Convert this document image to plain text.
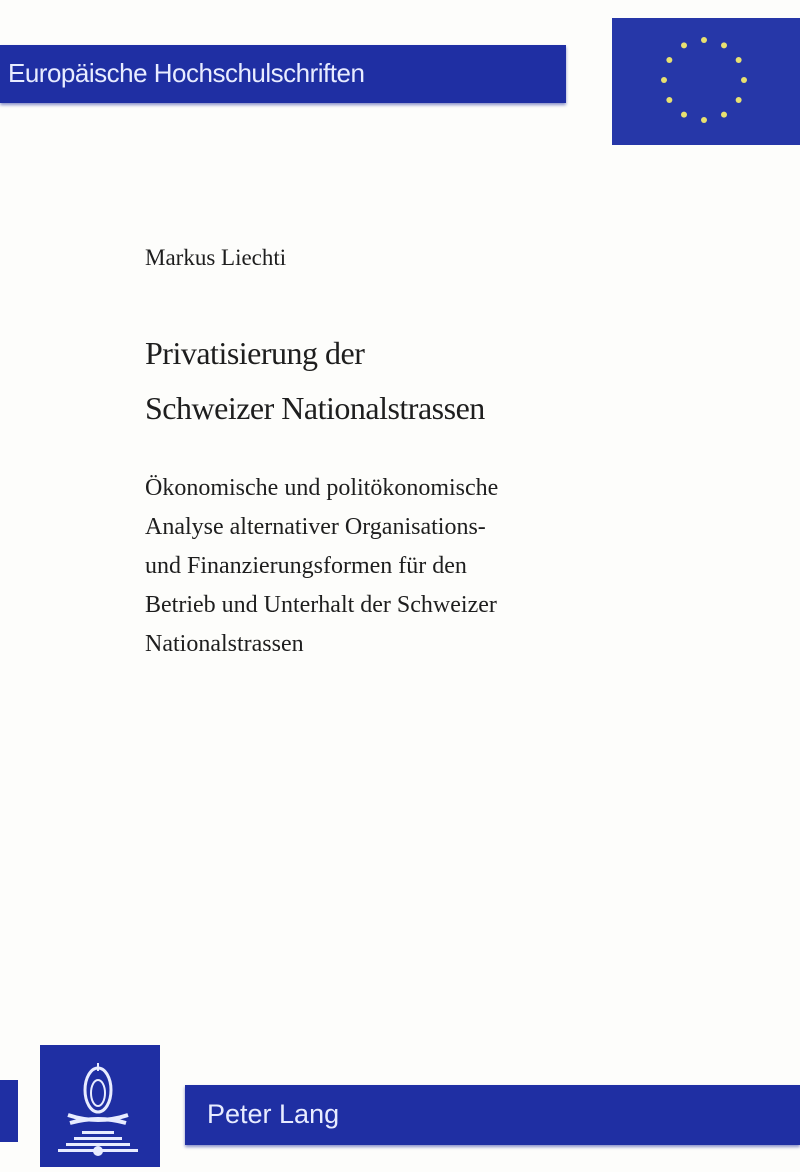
Europäische Hochschulschriften
Markus Liechti
Privatisierung der
Schweizer Nationalstrassen
Ökonomische und politökonomische
Analyse alternativer Organisations-
und Finanzierungsformen für den
Betrieb und Unterhalt der Schweizer
Nationalstrassen
Peter Lang
